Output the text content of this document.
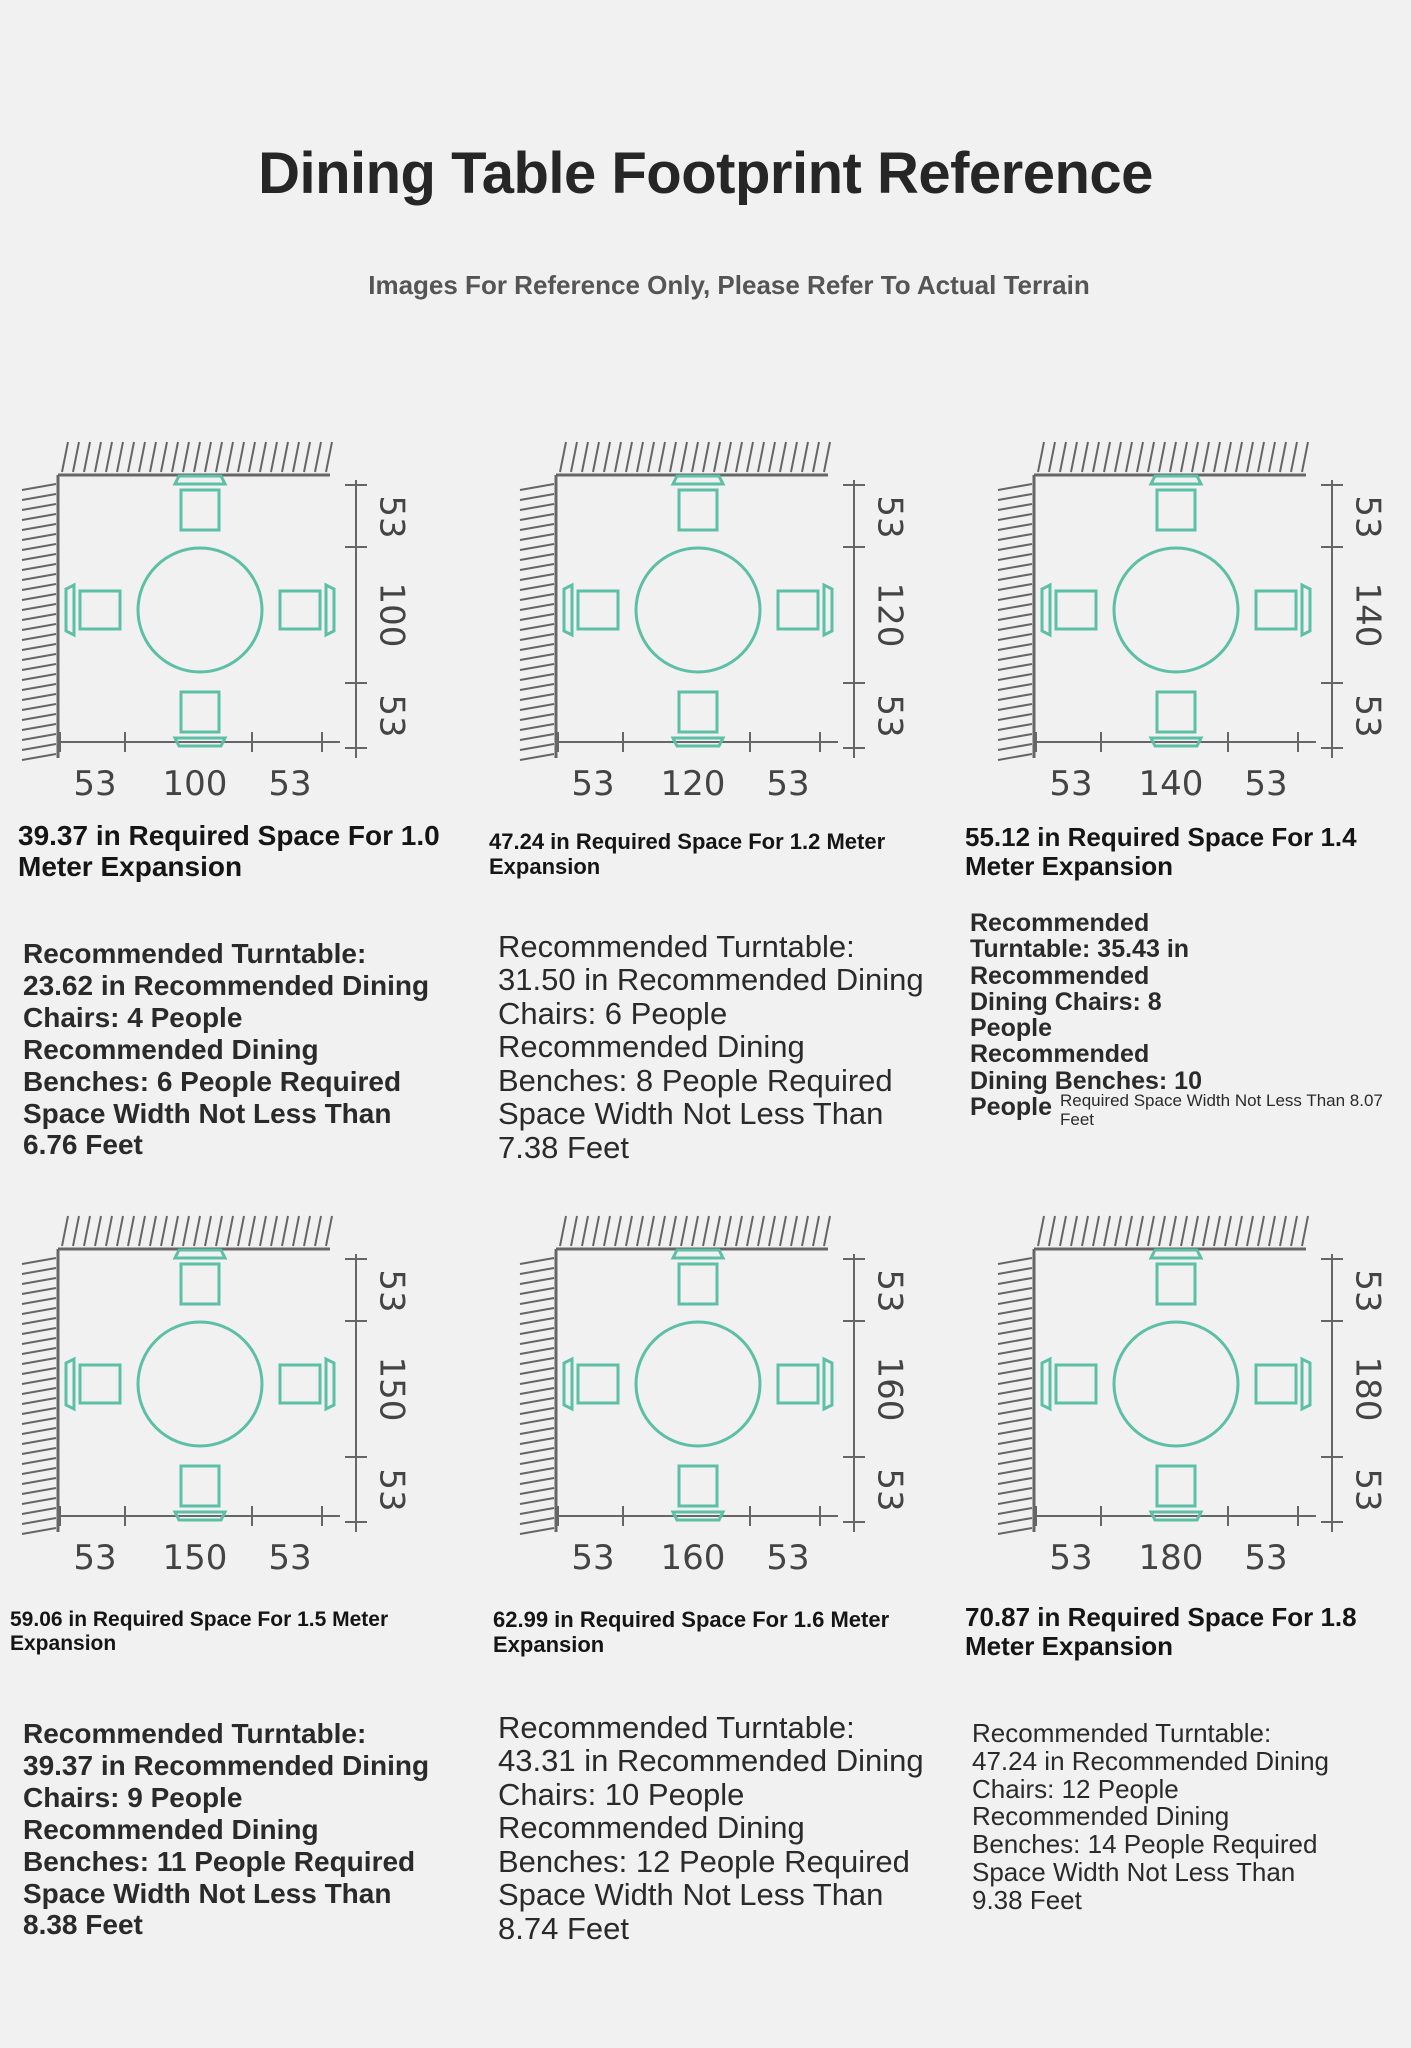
Dining Table Footprint Reference
Images For Reference Only, Please Refer To Actual Terrain
53
100
53
53 100 53
53
120
53
53 120 53
53
140
53
53 140 53
39.37 in Required Space For 1.0 Meter Expansion
47.24 in Required Space For 1.2 Meter Expansion
55.12 in Required Space For 1.4 Meter Expansion
Recommended Turntable: 23.62 in Recommended Dining Chairs: 4 People Recommended Dining Benches: 6 People Required Space Width Not Less Than 6.76 Feet
Recommended Turntable: 31.50 in Recommended Dining Chairs: 6 People Recommended Dining Benches: 8 People Required Space Width Not Less Than 7.38 Feet
Recommended Turntable: 35.43 in Recommended Dining Chairs: 8 People Recommended Dining Benches: 10 People Required Space Width Not Less Than 8.07 Feet
53
150
53
53 150 53
53
160
53
53 160 53
53
180
53
53 180 53
59.06 in Required Space For 1.5 Meter Expansion
62.99 in Required Space For 1.6 Meter Expansion
70.87 in Required Space For 1.8 Meter Expansion
Recommended Turntable: 39.37 in Recommended Dining Chairs: 9 People Recommended Dining Benches: 11 People Required Space Width Not Less Than 8.38 Feet
Recommended Turntable: 43.31 in Recommended Dining Chairs: 10 People Recommended Dining Benches: 12 People Required Space Width Not Less Than 8.74 Feet
Recommended Turntable: 47.24 in Recommended Dining Chairs: 12 People Recommended Dining Benches: 14 People Required Space Width Not Less Than 9.38 Feet
